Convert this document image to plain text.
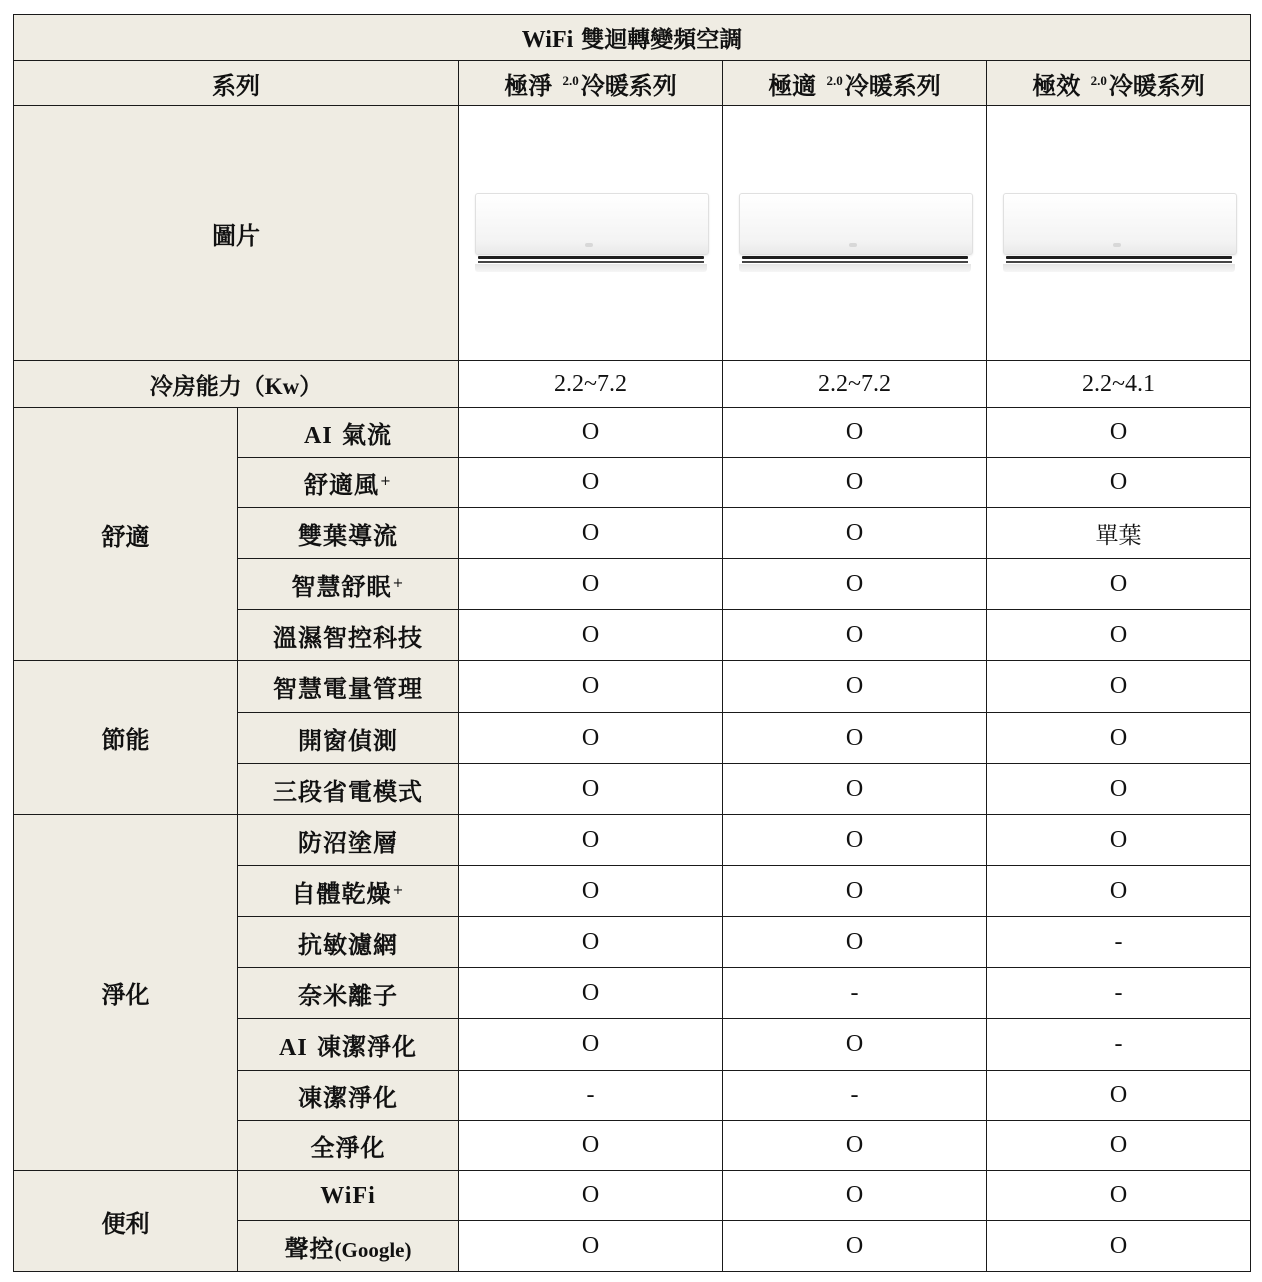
WiFi 雙迴轉變頻空調				
系列		極淨 $^{2.0}$冷暖系列	極適 $^{2.0}$冷暖系列	極效 $^{2.0}$冷暖系列
圖片		

冷房能力（Kw）		2.2~7.2	2.2~7.2	2.2~4.1
舒適	AI 氣流	O	O	O
	舒適風+	O	O	O
	雙葉導流	O	O	單葉
	智慧舒眠+	O	O	O
	溫濕智控科技	O	O	O
節能	智慧電量管理	O	O	O
	開窗偵測	O	O	O
	三段省電模式	O	O	O
淨化	防沼塗層	O	O	O
	自體乾燥+	O	O	O
	抗敏濾網	O	O	-
	奈米離子	O	-	-
	AI 凍潔淨化	O	O	-
	凍潔淨化	-	-	O
	全淨化	O	O	O
便利	WiFi	O	O	O
	聲控(Google)	O	O	O
